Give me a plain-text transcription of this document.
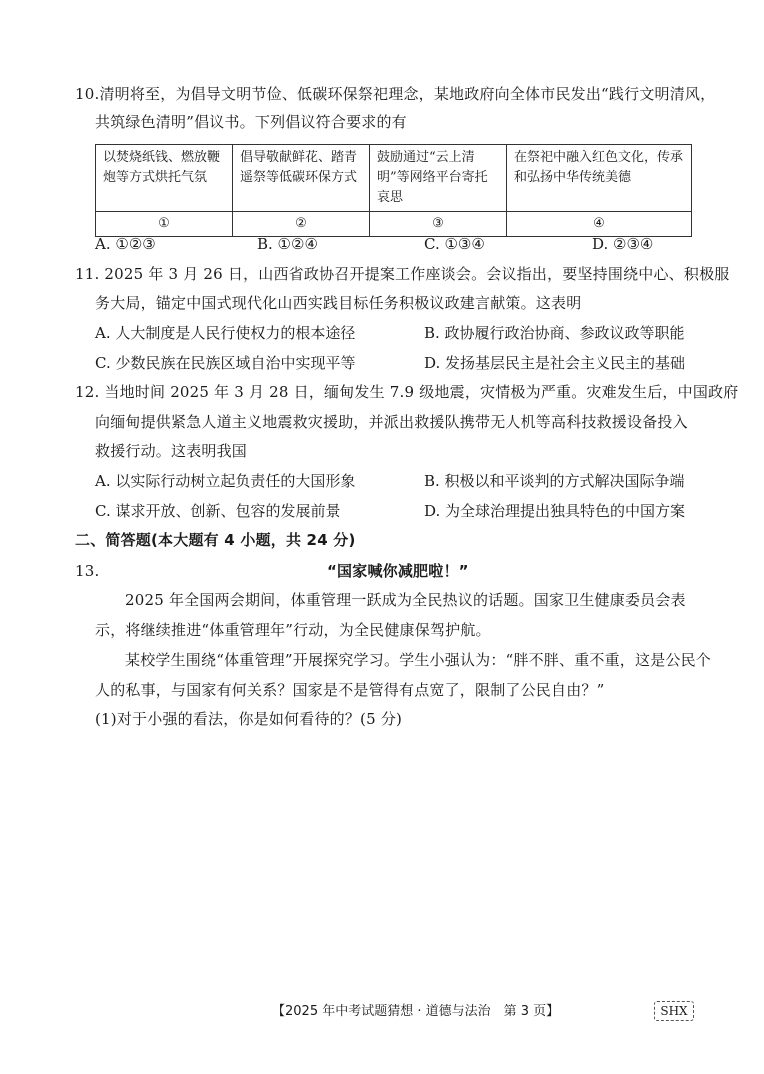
10.清明将至，为倡导文明节俭、低碳环保祭祀理念，某地政府向全体市民发出“践行文明清风，
共筑绿色清明”倡议书。下列倡议符合要求的有
以焚烧纸钱、燃放鞭炮等方式烘托气氛	倡导敬献鲜花、踏青遥祭等低碳环保方式	鼓励通过“云上清明”等网络平台寄托哀思	在祭祀中融入红色文化，传承和弘扬中华传统美德
①	②	③	④
A. ①②③	B. ①②④	C. ①③④	D. ②③④
11. 2025 年 3 月 26 日，山西省政协召开提案工作座谈会。会议指出，要坚持围绕中心、积极服
务大局，锚定中国式现代化山西实践目标任务积极议政建言献策。这表明
A. 人大制度是人民行使权力的根本途径	B. 政协履行政治协商、参政议政等职能
C. 少数民族在民族区域自治中实现平等	D. 发扬基层民主是社会主义民主的基础
12. 当地时间 2025 年 3 月 28 日，缅甸发生 7.9 级地震，灾情极为严重。灾难发生后，中国政府
向缅甸提供紧急人道主义地震救灾援助，并派出救援队携带无人机等高科技救援设备投入
救援行动。这表明我国
A. 以实际行动树立起负责任的大国形象	B. 积极以和平谈判的方式解决国际争端
C. 谋求开放、创新、包容的发展前景	D. 为全球治理提出独具特色的中国方案
二、简答题(本大题有 4 小题，共 24 分)
13.	“国家喊你减肥啦！”
2025 年全国两会期间，体重管理一跃成为全民热议的话题。国家卫生健康委员会表
示，将继续推进“体重管理年”行动，为全民健康保驾护航。
某校学生围绕“体重管理”开展探究学习。学生小强认为：“胖不胖、重不重，这是公民个
人的私事，与国家有何关系？国家是不是管得有点宽了，限制了公民自由？”
(1)对于小强的看法，你是如何看待的？(5 分)
【2025 年中考试题猜想 · 道德与法治　第 3 页】	SHX
